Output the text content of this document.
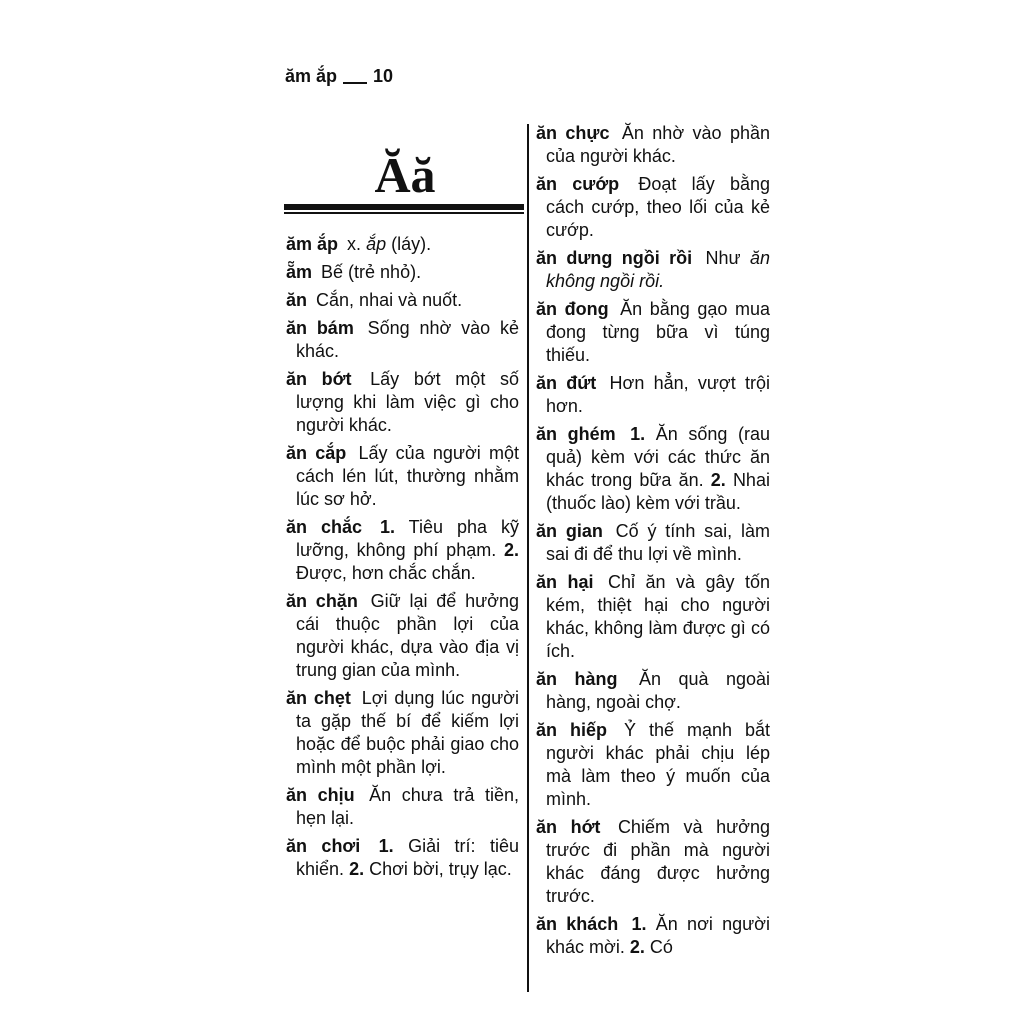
ăm ắp 10
Ăă

ăm ắp x. ắp (láy).

ẵm Bế (trẻ nhỏ).

ăn Cắn, nhai và nuốt.

ăn bám Sống nhờ vào kẻ khác.

ăn bớt Lấy bớt một số lượng khi làm việc gì cho người khác.

ăn cắp Lấy của người một cách lén lút, thường nhằm lúc sơ hở.

ăn chắc 1. Tiêu pha kỹ lưỡng, không phí phạm. 2. Được, hơn chắc chắn.

ăn chặn Giữ lại để hưởng cái thuộc phần lợi của người khác, dựa vào địa vị trung gian của mình.

ăn chẹt Lợi dụng lúc người ta gặp thế bí để kiếm lợi hoặc để buộc phải giao cho mình một phần lợi.

ăn chịu Ăn chưa trả tiền, hẹn lại.

ăn chơi 1. Giải trí: tiêu khiển. 2. Chơi bời, trụy lạc.

ăn chực Ăn nhờ vào phần của người khác.

ăn cướp Đoạt lấy bằng cách cướp, theo lối của kẻ cướp.

ăn dưng ngồi rồi Như ăn không ngồi rồi.

ăn đong Ăn bằng gạo mua đong từng bữa vì túng thiếu.

ăn đứt Hơn hẳn, vượt trội hơn.

ăn ghém 1. Ăn sống (rau quả) kèm với các thức ăn khác trong bữa ăn. 2. Nhai (thuốc lào) kèm với trầu.

ăn gian Cố ý tính sai, làm sai đi để thu lợi về mình.

ăn hại Chỉ ăn và gây tốn kém, thiệt hại cho người khác, không làm được gì có ích.

ăn hàng Ăn quà ngoài hàng, ngoài chợ.

ăn hiếp Ỷ thế mạnh bắt người khác phải chịu lép mà làm theo ý muốn của mình.

ăn hớt Chiếm và hưởng trước đi phần mà người khác đáng được hưởng trước.

ăn khách 1. Ăn nơi người khác mời. 2. Có
